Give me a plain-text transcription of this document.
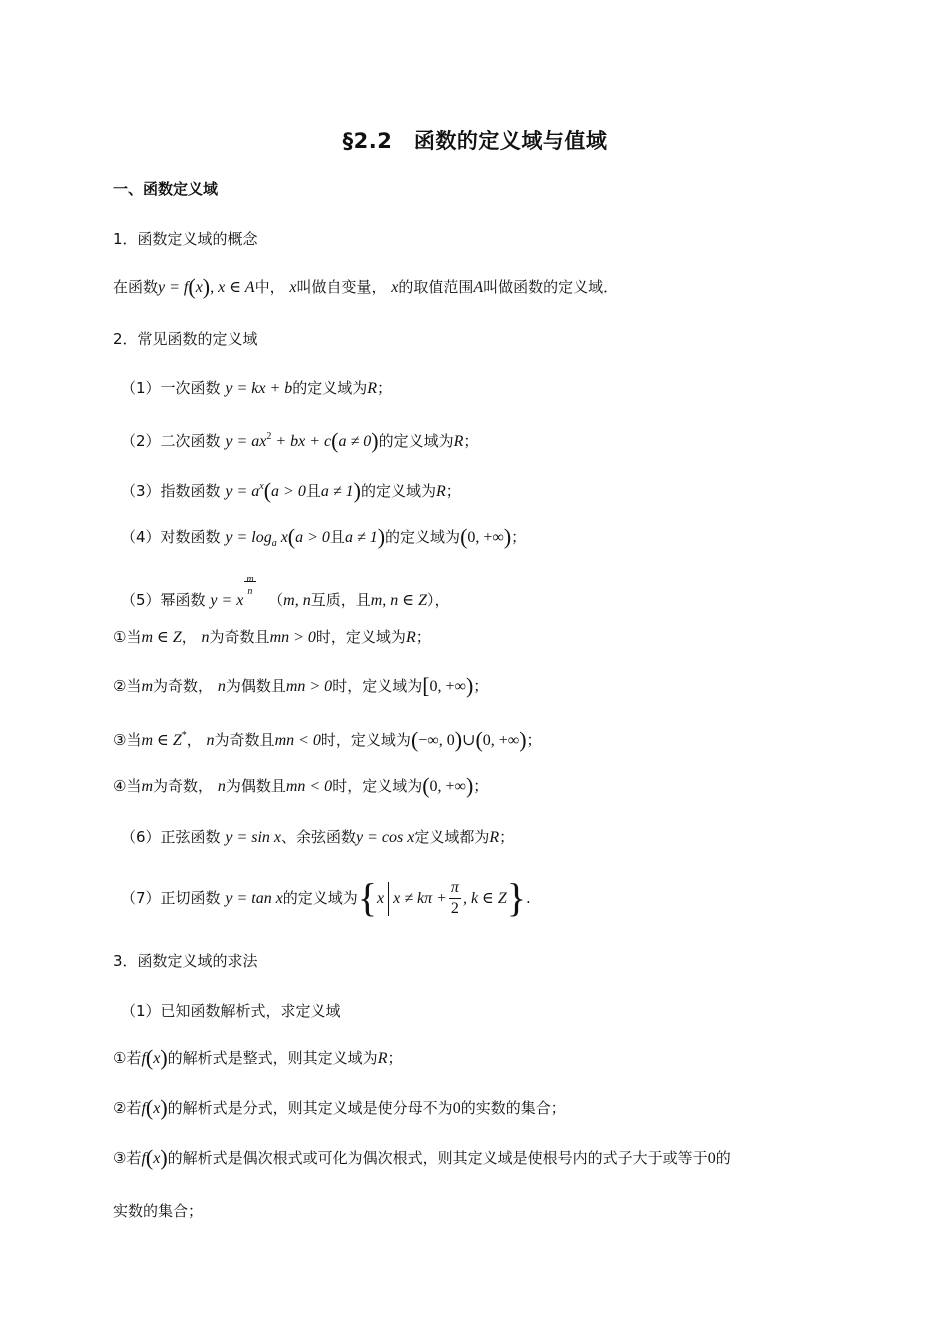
§2.2　函数的定义域与值域
一、函数定义域
1．函数定义域的概念
在函数y = f(x), x ∈ A中， x叫做自变量， x的取值范围A叫做函数的定义域．
2．常见函数的定义域
（1）一次函数 y = kx + b的定义域为R；
（2）二次函数 $y = ax^2$ + bx + c(a ≠ 0)的定义域为R；
（3）指数函数 $y = a^x(a > 0$且a ≠ 1)的定义域为R；
（4）对数函数 $y = \log_a x(a > 0$且a ≠ 1)的定义域为(0, +∞)；
（5）幂函数 y = x
m
n （m, n互质，且m, n ∈ Z），
①当m ∈ Z， n为奇数且mn > 0时，定义域为R；
②当m为奇数， n为偶数且mn > 0时，定义域为[0, +∞)；
③当m ∈ Z*， n为奇数且mn < 0时，定义域为(−∞, 0)∪(0, +∞)；
④当m为奇数， n为偶数且mn < 0时，定义域为(0, +∞)；
（6）正弦函数 y = sin x、余弦函数y = cos x定义域都为R；
（7）正切函数 y = tan x的定义域为{x $x \ne k\pi + \frac{\pi}{2}$ , k ∈ Z}.
3．函数定义域的求法
（1）已知函数解析式，求定义域
①若f(x)的解析式是整式，则其定义域为R；
②若f(x)的解析式是分式，则其定义域是使分母不为0的实数的集合；
③若f(x)的解析式是偶次根式或可化为偶次根式，则其定义域是使根号内的式子大于或等于0的
实数的集合；
